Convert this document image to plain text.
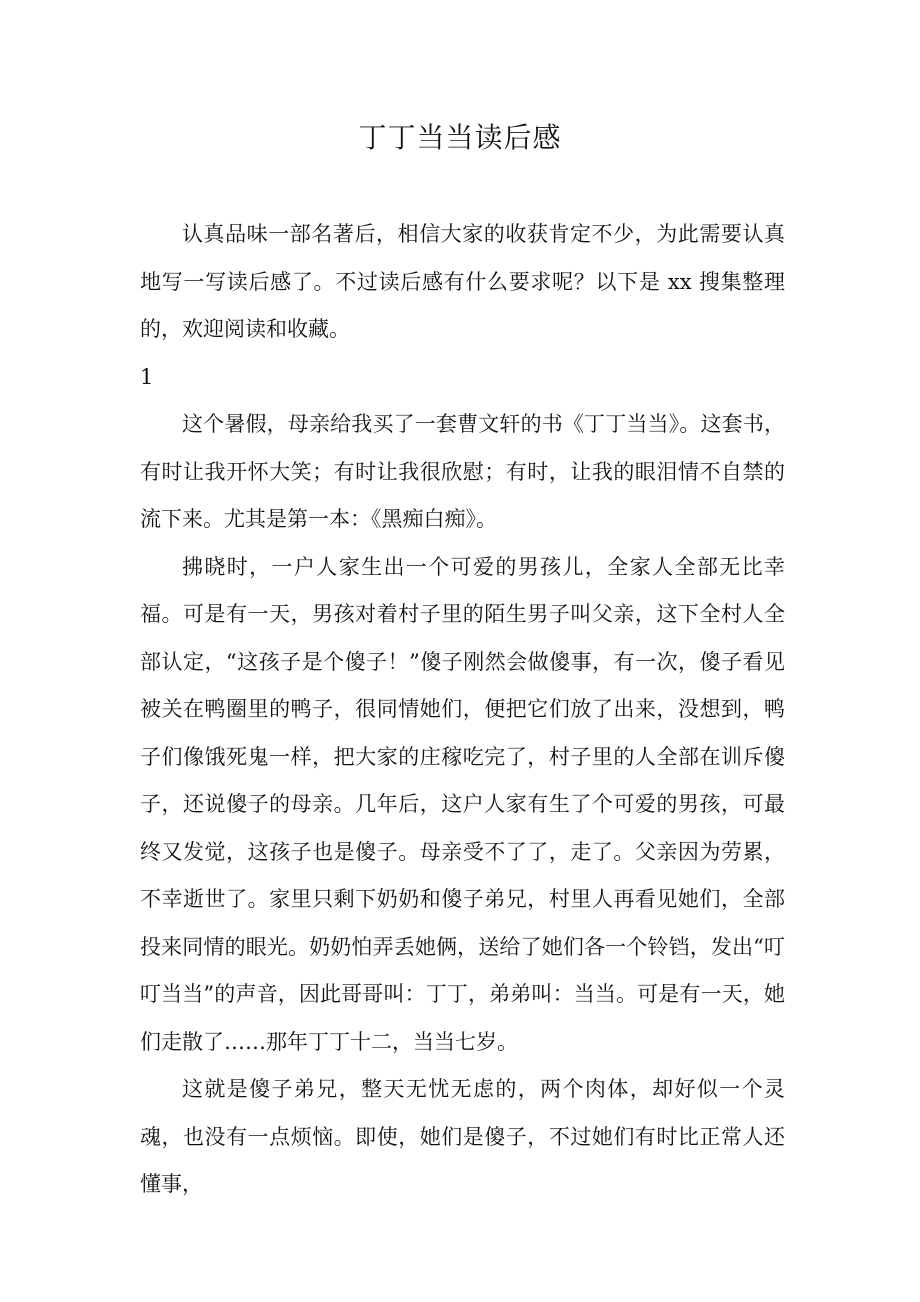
丁丁当当读后感

认真品味一部名著后，相信大家的收获肯定不少，为此需要认真地写一写读后感了。不过读后感有什么要求呢？以下是 xx 搜集整理的，欢迎阅读和收藏。

1

这个暑假，母亲给我买了一套曹文轩的书《丁丁当当》。这套书，有时让我开怀大笑；有时让我很欣慰；有时，让我的眼泪情不自禁的流下来。尤其是第一本：《黑痴白痴》。

拂晓时，一户人家生出一个可爱的男孩儿，全家人全部无比幸福。可是有一天，男孩对着村子里的陌生男子叫父亲，这下全村人全部认定，“这孩子是个傻子！”傻子刚然会做傻事，有一次，傻子看见被关在鸭圈里的鸭子，很同情她们，便把它们放了出来，没想到，鸭子们像饿死鬼一样，把大家的庄稼吃完了，村子里的人全部在训斥傻子，还说傻子的母亲。几年后，这户人家有生了个可爱的男孩，可最终又发觉，这孩子也是傻子。母亲受不了了，走了。父亲因为劳累，不幸逝世了。家里只剩下奶奶和傻子弟兄，村里人再看见她们，全部投来同情的眼光。奶奶怕弄丢她俩，送给了她们各一个铃铛，发出“叮叮当当”的声音，因此哥哥叫：丁丁，弟弟叫：当当。可是有一天，她们走散了……那年丁丁十二，当当七岁。

这就是傻子弟兄，整天无忧无虑的，两个肉体，却好似一个灵魂，也没有一点烦恼。即使，她们是傻子，不过她们有时比正常人还懂事，
